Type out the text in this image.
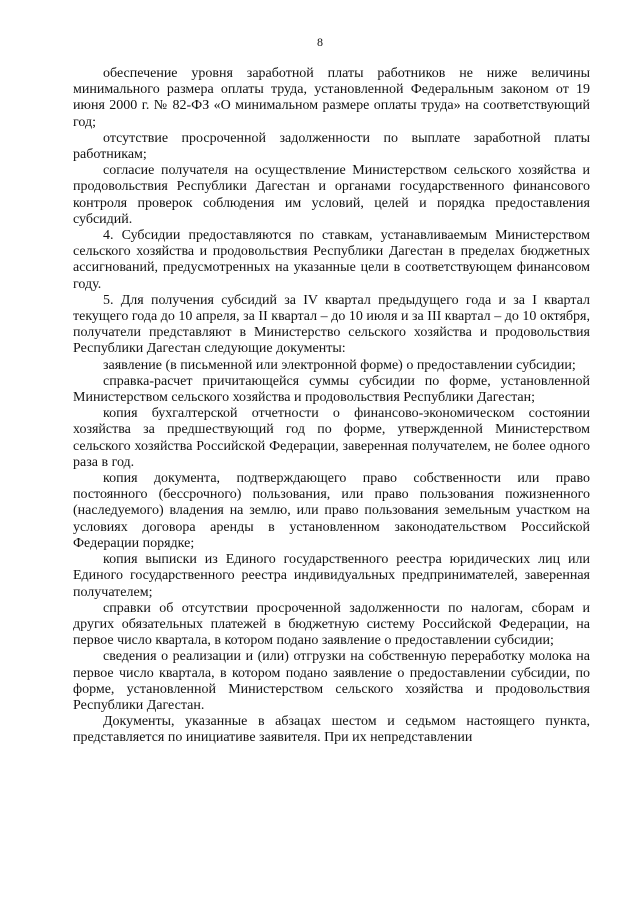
8

обеспечение уровня заработной платы работников не ниже величины минимального размера оплаты труда, установленной Федеральным законом от 19 июня 2000 г. № 82-ФЗ «О минимальном размере оплаты труда» на соответствующий год;

отсутствие просроченной задолженности по выплате заработной платы работникам;

согласие получателя на осуществление Министерством сельского хозяйства и продовольствия Республики Дагестан и органами государственного финансового контроля проверок соблюдения им условий, целей и порядка предоставления субсидий.

4. Субсидии предоставляются по ставкам, устанавливаемым Министерством сельского хозяйства и продовольствия Республики Дагестан в пределах бюджетных ассигнований, предусмотренных на указанные цели в соответствующем финансовом году.

5. Для получения субсидий за IV квартал предыдущего года и за I квартал текущего года до 10 апреля, за II квартал – до 10 июля и за III квартал – до 10 октября, получатели представляют в Министерство сельского хозяйства и продовольствия Республики Дагестан следующие документы:

заявление (в письменной или электронной форме) о предоставлении субсидии;

справка-расчет причитающейся суммы субсидии по форме, установленной Министерством сельского хозяйства и продовольствия Республики Дагестан;

копия бухгалтерской отчетности о финансово-экономическом состоянии хозяйства за предшествующий год по форме, утвержденной Министерством сельского хозяйства Российской Федерации, заверенная получателем, не более одного раза в год.

копия документа, подтверждающего право собственности или право постоянного (бессрочного) пользования, или право пользования пожизненного (наследуемого) владения на землю, или право пользования земельным участком на условиях договора аренды в установленном законодательством Российской Федерации порядке;

копия выписки из Единого государственного реестра юридических лиц или Единого государственного реестра индивидуальных предпринимателей, заверенная получателем;

справки об отсутствии просроченной задолженности по налогам, сборам и других обязательных платежей в бюджетную систему Российской Федерации, на первое число квартала, в котором подано заявление о предоставлении субсидии;

сведения о реализации и (или) отгрузки на собственную переработку молока на первое число квартала, в котором подано заявление о предоставлении субсидии, по форме, установленной Министерством сельского хозяйства и продовольствия Республики Дагестан.

Документы, указанные в абзацах шестом и седьмом настоящего пункта, представляется по инициативе заявителя. При их непредставлении
